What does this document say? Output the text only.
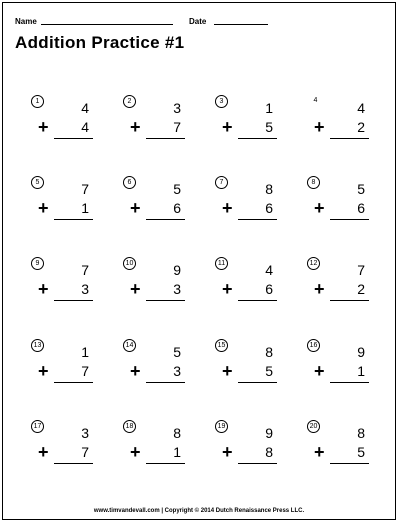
Name	Date
Addition Practice #1
1	4
+ 4
2	3
+ 7
3	1
+ 5
4	4
+ 2
5	7
+ 1
6	5
+ 6
7	8
+ 6
8	5
+ 6
9	7
+ 3
10	9
+ 3
11	4
+ 6
12	7
+ 2
13	1
+ 7
14	5
+ 3
15	8
+ 5
16	9
+ 1
17	3
+ 7
18	8
+ 1
19	9
+ 8
20	8
+ 5
www.timvandevall.com | Copyright © 2014 Dutch Renaissance Press LLC.
